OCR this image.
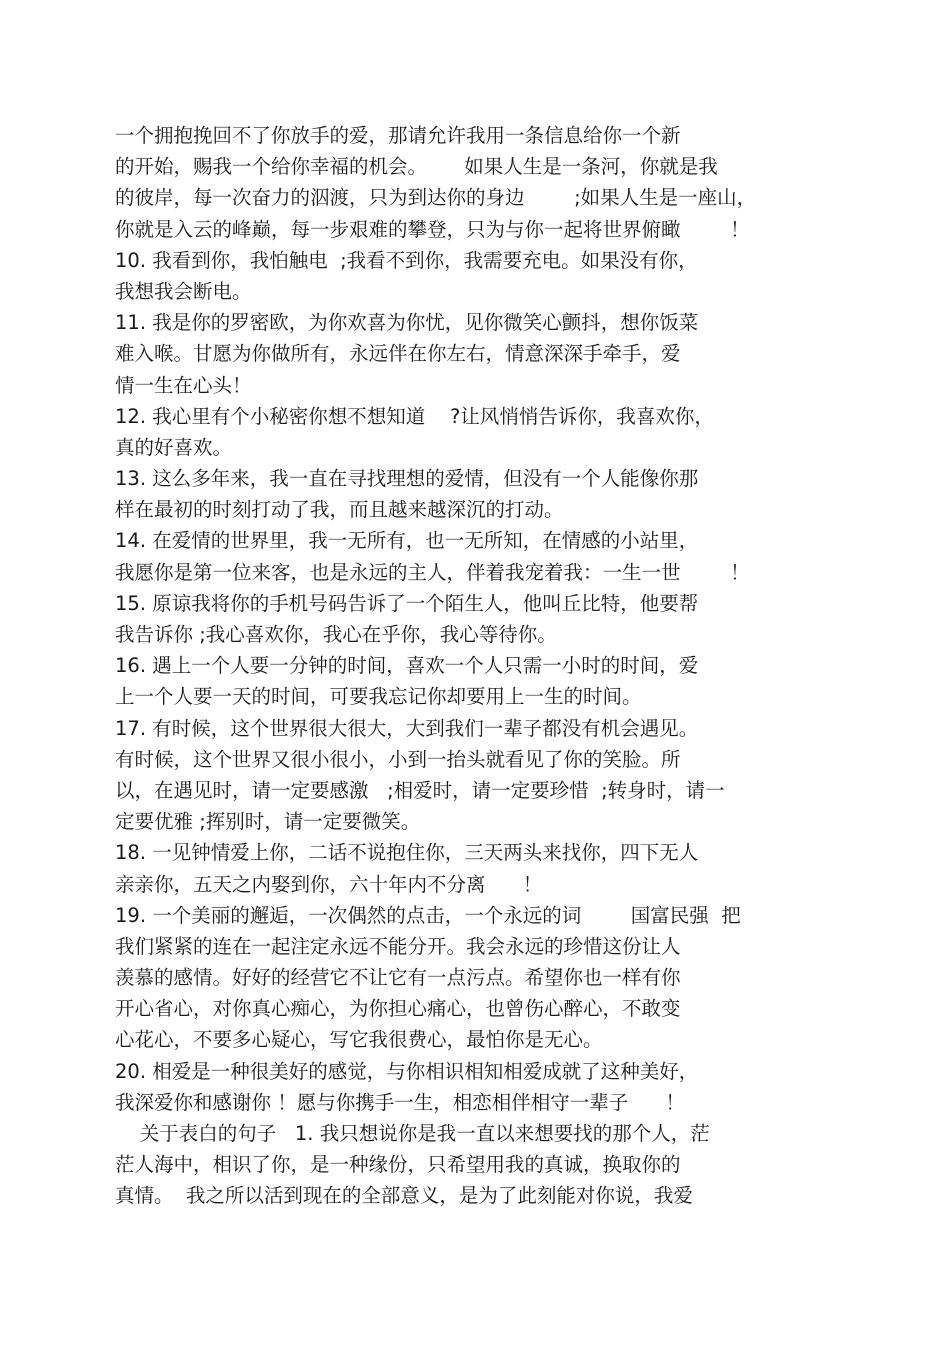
一个拥抱挽回不了你放手的爱，那请允许我用一条信息给你一个新
的开始，赐我一个给你幸福的机会。      如果人生是一条河，你就是我
的彼岸，每一次奋力的泅渡，只为到达你的身边        ;如果人生是一座山，
你就是入云的峰巅，每一步艰难的攀登，只为与你一起将世界俯瞰        ！
10. 我看到你，我怕触电  ;我看不到你，我需要充电。如果没有你，
我想我会断电。
11. 我是你的罗密欧，为你欢喜为你忧，见你微笑心颤抖，想你饭菜
难入喉。甘愿为你做所有，永远伴在你左右，情意深深手牵手，爱
情一生在心头！
12. 我心里有个小秘密你想不想知道    ?让风悄悄告诉你，我喜欢你，
真的好喜欢。
13. 这么多年来，我一直在寻找理想的爱情，但没有一个人能像你那
样在最初的时刻打动了我，而且越来越深沉的打动。
14. 在爱情的世界里，我一无所有，也一无所知，在情感的小站里，
我愿你是第一位来客，也是永远的主人，伴着我宠着我：一生一世        ！
15. 原谅我将你的手机号码告诉了一个陌生人，他叫丘比特，他要帮
我告诉你 ;我心喜欢你，我心在乎你，我心等待你。
16. 遇上一个人要一分钟的时间，喜欢一个人只需一小时的时间，爱
上一个人要一天的时间，可要我忘记你却要用上一生的时间。
17. 有时候，这个世界很大很大，大到我们一辈子都没有机会遇见。
有时候，这个世界又很小很小，小到一抬头就看见了你的笑脸。所
以，在遇见时，请一定要感激   ;相爱时，请一定要珍惜  ;转身时，请一
定要优雅 ;挥别时，请一定要微笑。
18. 一见钟情爱上你，二话不说抱住你，三天两头来找你，四下无人
亲亲你，五天之内娶到你，六十年内不分离      ！
19. 一个美丽的邂逅，一次偶然的点击，一个永远的词        国富民强  把
我们紧紧的连在一起注定永远不能分开。我会永远的珍惜这份让人
羡慕的感情。好好的经营它不让它有一点污点。希望你也一样有你
开心省心，对你真心痴心，为你担心痛心，也曾伤心醉心，不敢变
心花心，不要多心疑心，写它我很费心，最怕你是无心。
20. 相爱是一种很美好的感觉，与你相识相知相爱成就了这种美好，
我深爱你和感谢你 ！愿与你携手一生，相恋相伴相守一辈子      ！
关于表白的句子   1. 我只想说你是我一直以来想要找的那个人，茫
茫人海中，相识了你，是一种缘份，只希望用我的真诚，换取你的
真情。  我之所以活到现在的全部意义，是为了此刻能对你说，我爱
